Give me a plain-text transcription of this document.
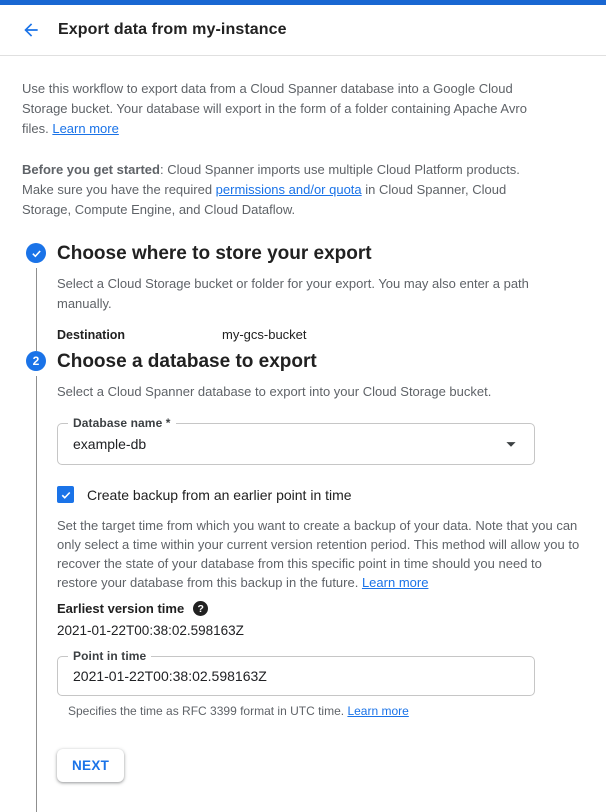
Export data from my-instance

Use this workflow to export data from a Cloud Spanner database into a Google Cloud Storage bucket. Your database will export in the form of a folder containing Apache Avro files. Learn more

Before you get started: Cloud Spanner imports use multiple Cloud Platform products. Make sure you have the required permissions and/or quota in Cloud Spanner, Cloud Storage, Compute Engine, and Cloud Dataflow.

Choose where to store your export
Select a Cloud Storage bucket or folder for your export. You may also enter a path manually.
Destination	my-gcs-bucket
2 Choose a database to export
Select a Cloud Spanner database to export into your Cloud Storage bucket.
Database name *
example-db
Create backup from an earlier point in time

Set the target time from which you want to create a backup of your data. Note that you can only select a time within your current version retention period. This method will allow you to recover the state of your database from this specific point in time should you need to restore your database from this backup in the future. Learn more

Earliest version time	?
2021-01-22T00:38:02.598163Z
Point in time
2021-01-22T00:38:02.598163Z
Specifies the time as RFC 3399 format in UTC time. Learn more
NEXT
